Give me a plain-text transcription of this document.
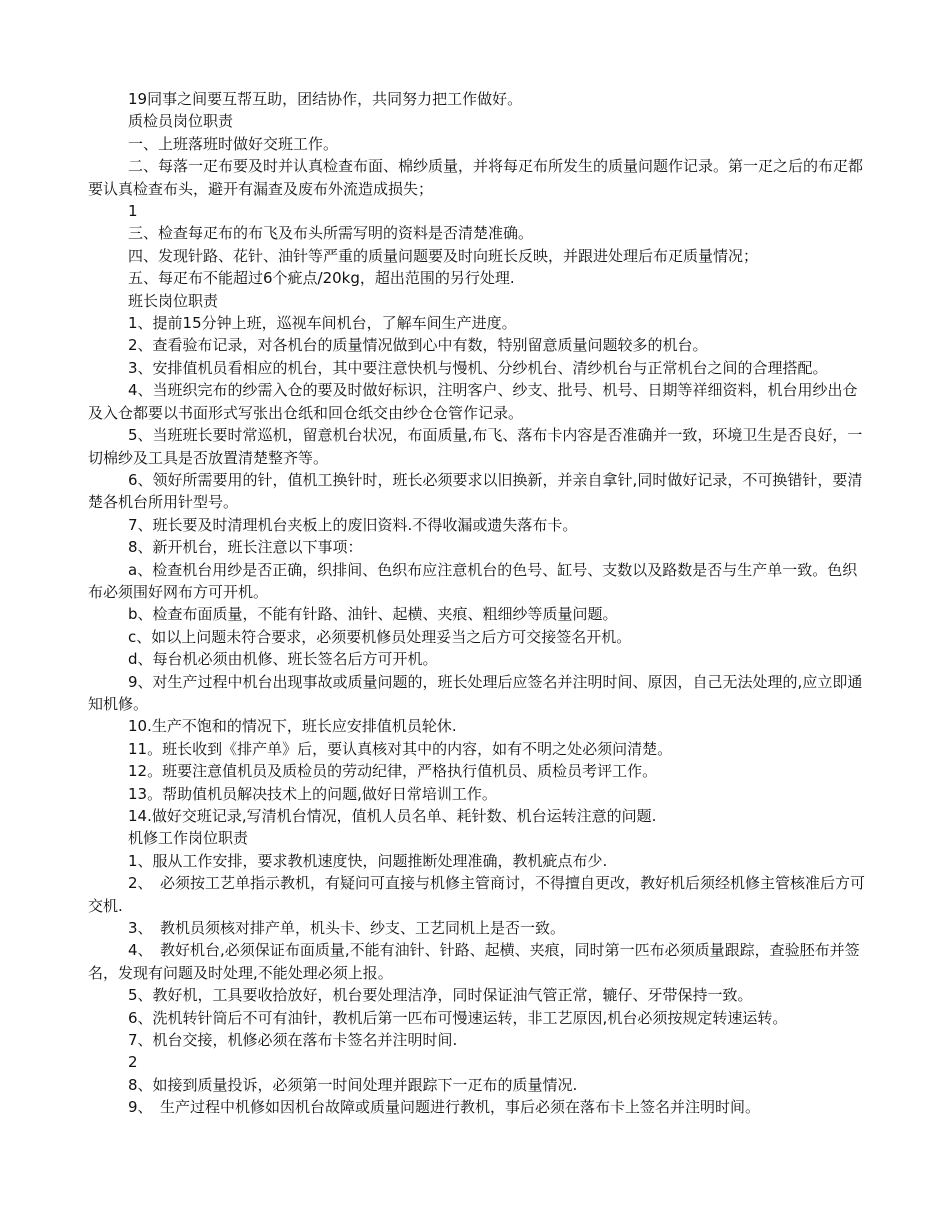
19同事之间要互帮互助，团结协作，共同努力把工作做好。

质检员岗位职责

一、上班落班时做好交班工作。

二、每落一疋布要及时并认真检查布面、棉纱质量，并将每疋布所发生的质量问题作记录。第一疋之后的布疋都要认真检查布头，避开有漏查及废布外流造成损失；

1

三、检查每疋布的布飞及布头所需写明的资料是否清楚准确。

四、发现针路、花针、油针等严重的质量问题要及时向班长反映，并跟进处理后布疋质量情况；

五、每疋布不能超过6个疵点/20kg，超出范围的另行处理.

班长岗位职责

1、提前15分钟上班，巡视车间机台，了解车间生产进度。

2、查看验布记录，对各机台的质量情况做到心中有数，特别留意质量问题较多的机台。

3、安排值机员看相应的机台，其中要注意快机与慢机、分纱机台、清纱机台与正常机台之间的合理搭配。

4、当班织完布的纱需入仓的要及时做好标识，注明客户、纱支、批号、机号、日期等祥细资料，机台用纱出仓及入仓都要以书面形式写张出仓纸和回仓纸交由纱仓仓管作记录。

5、当班班长要时常巡机，留意机台状况，布面质量,布飞、落布卡内容是否准确并一致，环境卫生是否良好，一切棉纱及工具是否放置清楚整齐等。

6、领好所需要用的针，值机工换针时，班长必须要求以旧换新，并亲自拿针,同时做好记录，不可换错针，要清楚各机台所用针型号。

7、班长要及时清理机台夹板上的废旧资料.不得收漏或遗失落布卡。

8、新开机台，班长注意以下事项：

a、检查机台用纱是否正确，织排间、色织布应注意机台的色号、缸号、支数以及路数是否与生产单一致。色织布必须围好网布方可开机。

b、检查布面质量，不能有针路、油针、起横、夹痕、粗细纱等质量问题。

c、如以上问题未符合要求，必须要机修员处理妥当之后方可交接签名开机。

d、每台机必须由机修、班长签名后方可开机。

9、对生产过程中机台出现事故或质量问题的，班长处理后应签名并注明时间、原因，自己无法处理的,应立即通知机修。

10.生产不饱和的情况下，班长应安排值机员轮休.

11。班长收到《排产单》后，要认真核对其中的内容，如有不明之处必须问清楚。

12。班要注意值机员及质检员的劳动纪律，严格执行值机员、质检员考评工作。

13。帮助值机员解决技术上的问题,做好日常培训工作。

14.做好交班记录,写清机台情况，值机人员名单、耗针数、机台运转注意的问题.

机修工作岗位职责

1、服从工作安排，要求教机速度快，问题推断处理准确，教机疵点布少.

2、　必须按工艺单指示教机，有疑问可直接与机修主管商讨，不得擅自更改，教好机后须经机修主管核准后方可交机.

3、　教机员须核对排产单，机头卡、纱支、工艺同机上是否一致。

4、　教好机台,必须保证布面质量,不能有油针、针路、起横、夹痕，同时第一匹布必须质量跟踪，查验胚布并签名，发现有问题及时处理,不能处理必须上报。

5、教好机，工具要收拾放好，机台要处理洁净，同时保证油气管正常，辘仔、牙带保持一致。

6、洗机转针筒后不可有油针，教机后第一匹布可慢速运转，非工艺原因,机台必须按规定转速运转。

7、机台交接，机修必须在落布卡签名并注明时间.

2

8、如接到质量投诉，必须第一时间处理并跟踪下一疋布的质量情况.

9、　生产过程中机修如因机台故障或质量问题进行教机，事后必须在落布卡上签名并注明时间。
